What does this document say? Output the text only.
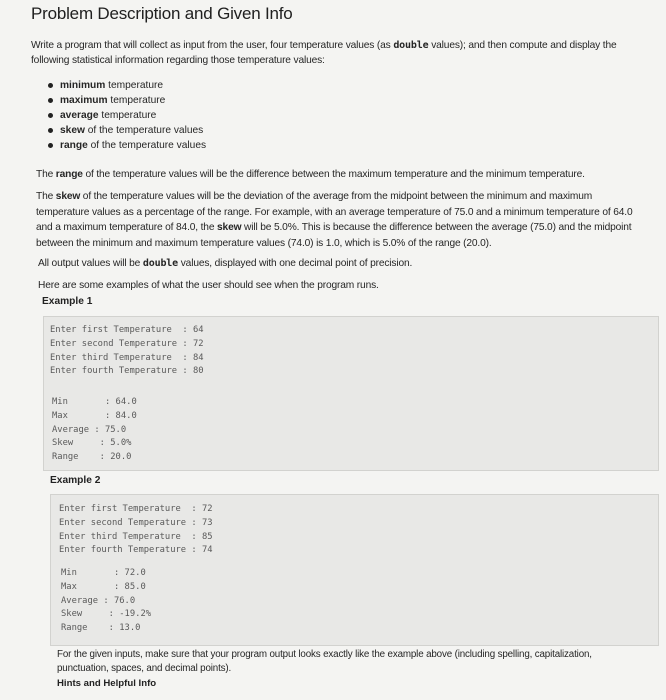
Problem Description and Given Info
Write a program that will collect as input from the user, four temperature values (as double values); and then compute and display the
following statistical information regarding those temperature values:
minimum temperature
maximum temperature
average temperature
skew of the temperature values
range of the temperature values
The range of the temperature values will be the difference between the maximum temperature and the minimum temperature.
The skew of the temperature values will be the deviation of the average from the midpoint between the minimum and maximum
temperature values as a percentage of the range. For example, with an average temperature of 75.0 and a minimum temperature of 64.0
and a maximum temperature of 84.0, the skew will be 5.0%. This is because the difference between the average (75.0) and the midpoint
between the minimum and maximum temperature values (74.0) is 1.0, which is 5.0% of the range (20.0).
All output values will be double values, displayed with one decimal point of precision.
Here are some examples of what the user should see when the program runs.
Example 1
Enter first Temperature  : 64
Enter second Temperature : 72
Enter third Temperature  : 84
Enter fourth Temperature : 80
Min       : 64.0
Max       : 84.0
Average : 75.0
Skew     : 5.0%
Range    : 20.0
Example 2
Enter first Temperature  : 72
Enter second Temperature : 73
Enter third Temperature  : 85
Enter fourth Temperature : 74
Min       : 72.0
Max       : 85.0
Average : 76.0
Skew     : -19.2%
Range    : 13.0
For the given inputs, make sure that your program output looks exactly like the example above (including spelling, capitalization,
punctuation, spaces, and decimal points).
Hints and Helpful Info
